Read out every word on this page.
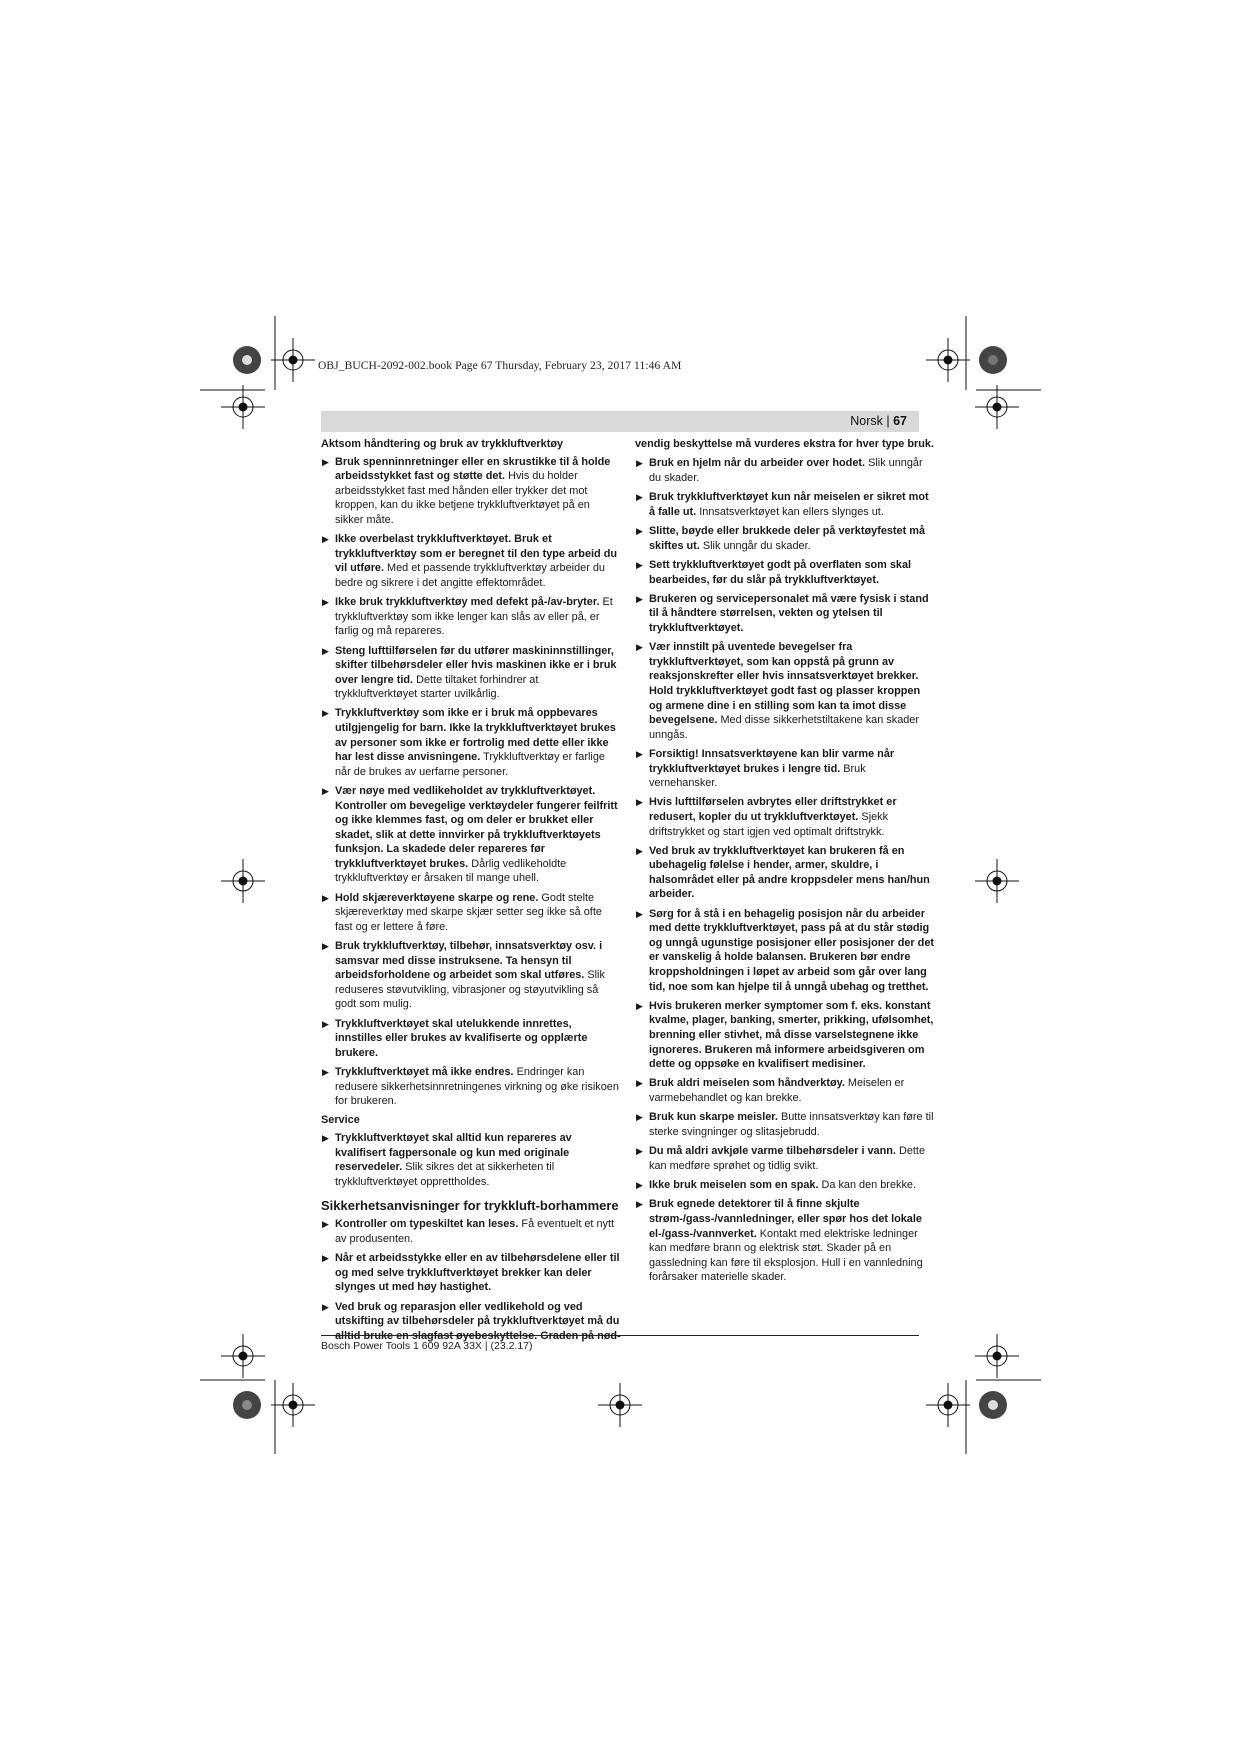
OBJ_BUCH-2092-002.book Page 67 Thursday, February 23, 2017 11:46 AM
Norsk | 67
Aktsom håndtering og bruk av trykkluftverktøy
▶ Bruk spenninnretninger eller en skrustikke til å holde arbeidsstykket fast og støtte det. Hvis du holder arbeidsstykket fast med hånden eller trykker det mot kroppen, kan du ikke betjene trykkluftverktøyet på en sikker måte.
▶ Ikke overbelast trykkluftverktøyet. Bruk et trykkluftverktøy som er beregnet til den type arbeid du vil utføre. Med et passende trykkluftverktøy arbeider du bedre og sikrere i det angitte effektområdet.
▶ Ikke bruk trykkluftverktøy med defekt på-/av-bryter. Et trykkluftverktøy som ikke lenger kan slås av eller på, er farlig og må repareres.
▶ Steng lufttilførselen før du utfører maskininnstillinger, skifter tilbehørsdeler eller hvis maskinen ikke er i bruk over lengre tid. Dette tiltaket forhindrer at trykkluftverktøyet starter uvilkårlig.
▶ Trykkluftverktøy som ikke er i bruk må oppbevares utilgjengelig for barn. Ikke la trykkluftverktøyet brukes av personer som ikke er fortrolig med dette eller ikke har lest disse anvisningene. Trykkluftverktøy er farlige når de brukes av uerfarne personer.
▶ Vær nøye med vedlikeholdet av trykkluftverktøyet. Kontroller om bevegelige verktøydeler fungerer feilfritt og ikke klemmes fast, og om deler er brukket eller skadet, slik at dette innvirker på trykkluftverktøyets funksjon. La skadede deler repareres før trykkluftverktøyet brukes. Dårlig vedlikeholdte trykkluftverktøy er årsaken til mange uhell.
▶ Hold skjæreverktøyene skarpe og rene. Godt stelte skjæreverktøy med skarpe skjær setter seg ikke så ofte fast og er lettere å føre.
▶ Bruk trykkluftverktøy, tilbehør, innsatsverktøy osv. i samsvar med disse instruksene. Ta hensyn til arbeidsforholdene og arbeidet som skal utføres. Slik reduseres støvutvikling, vibrasjoner og støyutvikling så godt som mulig.
▶ Trykkluftverktøyet skal utelukkende innrettes, innstilles eller brukes av kvalifiserte og opplærte brukere.
▶ Trykkluftverktøyet må ikke endres. Endringer kan redusere sikkerhetsinnretningenes virkning og øke risikoen for brukeren.
Service
▶ Trykkluftverktøyet skal alltid kun repareres av kvalifisert fagpersonale og kun med originale reservedeler. Slik sikres det at sikkerheten til trykkluftverktøyet opprettholdes.
Sikkerhetsanvisninger for trykkluft-borhammere
▶ Kontroller om typeskiltet kan leses. Få eventuelt et nytt av produsenten.
▶ Når et arbeidsstykke eller en av tilbehørsdelene eller til og med selve trykkluftverktøyet brekker kan deler slynges ut med høy hastighet.
▶ Ved bruk og reparasjon eller vedlikehold og ved utskifting av tilbehørsdeler på trykkluftverktøyet må du
vendig beskyttelse må vurderes ekstra for hver type bruk.
▶ Bruk en hjelm når du arbeider over hodet. Slik unngår du skader.
▶ Bruk trykkluftverktøyet kun når meiselen er sikret mot å falle ut. Innsatsverktøyet kan ellers slynges ut.
▶ Slitte, bøyde eller brukkede deler på verktøyfestet må skiftes ut. Slik unngår du skader.
▶ Sett trykkluftverktøyet godt på overflaten som skal bearbeides, før du slår på trykkluftverktøyet.
▶ Brukeren og servicepersonalet må være fysisk i stand til å håndtere størrelsen, vekten og ytelsen til trykkluftverktøyet.
▶ Vær innstilt på uventede bevegelser fra trykkluftverktøyet, som kan oppstå på grunn av reaksjonskrefter eller hvis innsatsverktøyet brekker. Hold trykkluftverktøyet godt fast og plasser kroppen og armene dine i en stilling som kan ta imot disse bevegelsene. Med disse sikkerhetstiltakene kan skader unngås.
▶ Forsiktig! Innsatsverktøyene kan blir varme når trykkluftverktøyet brukes i lengre tid. Bruk vernehansker.
▶ Hvis lufttilførselen avbrytes eller driftstrykket er redusert, kopler du ut trykkluftverktøyet. Sjekk driftstrykket og start igjen ved optimalt driftstrykk.
▶ Ved bruk av trykkluftverktøyet kan brukeren få en ubehagelig følelse i hender, armer, skuldre, i halsområdet eller på andre kroppsdeler mens han/hun arbeider.
▶ Sørg for å stå i en behagelig posisjon når du arbeider med dette trykkluftverktøyet, pass på at du står stødig og unngå ugunstige posisjoner eller posisjoner der det er vanskelig å holde balansen. Brukeren bør endre kroppsholdningen i løpet av arbeid som går over lang tid, noe som kan hjelpe til å unngå ubehag og tretthet.
▶ Hvis brukeren merker symptomer som f. eks. konstant kvalme, plager, banking, smerter, prikking, ufølsomhet, brenning eller stivhet, må disse varselstegnene ikke ignoreres. Brukeren må informere arbeidsgiveren om dette og oppsøke en kvalifisert medisiner.
▶ Bruk aldri meiselen som håndverktøy. Meiselen er varmebehandlet og kan brekke.
▶ Bruk kun skarpe meisler. Butte innsatsverktøy kan føre til sterke svingninger og slitasjebrudd.
▶ Du må aldri avkjøle varme tilbehørsdeler i vann. Dette kan medføre sprøhet og tidlig svikt.
▶ Ikke bruk meiselen som en spak. Da kan den brekke.
▶ Bruk egnede detektorer til å finne skjulte strøm-/gass-/vannledninger, eller spør hos det lokale el-/gass-/vannverket. Kontakt med elektriske ledninger kan medføre brann og elektrisk støt. Skader på en gassledning kan føre til eksplosjon. Hull i en vannledning forårsaker materielle skader.
Bosch Power Tools 1 609 92A 33X | (23.2.17)
